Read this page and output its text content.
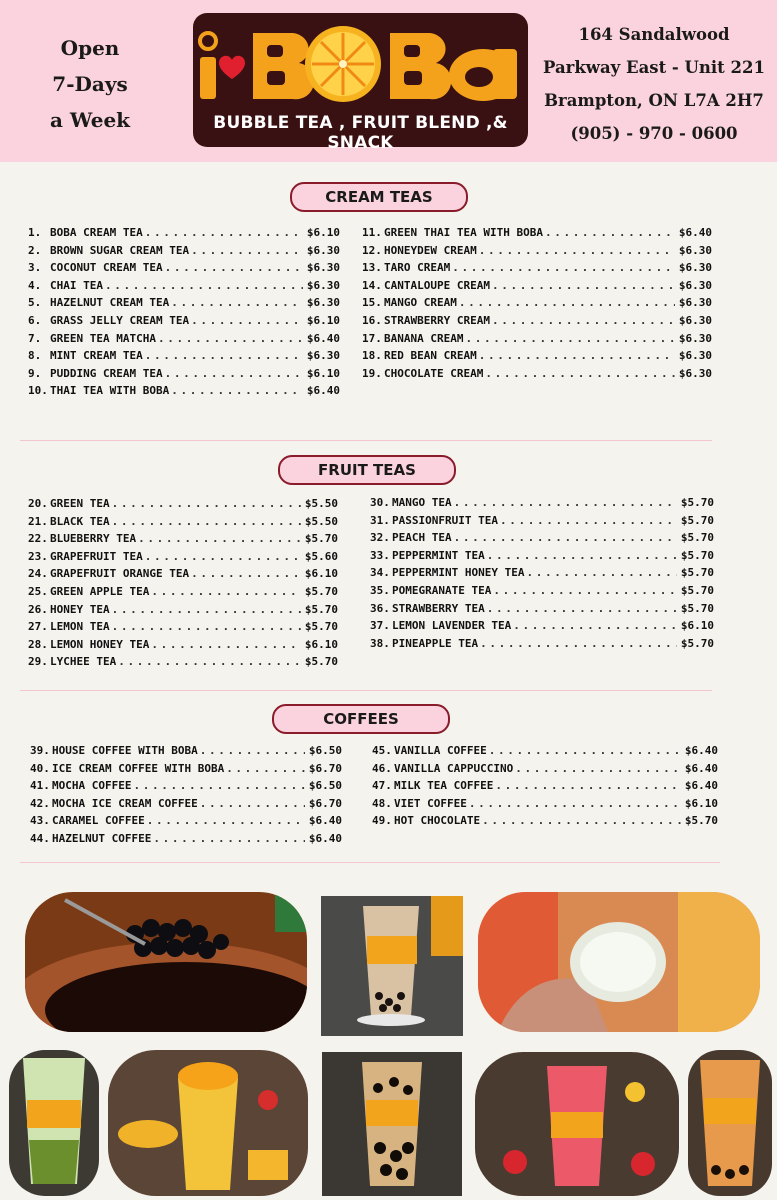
Open
7-Days
a Week	BUBBLE TEA , FRUIT BLEND ,& SNACK
164 Sandalwood
Parkway East - Unit 221
Brampton, ON L7A 2H7
(905) - 970 - 0600
CREAM TEAS
1. BOBA CREAM TEA . . .	$6.10
2. BROWN SUGAR CREAM TEA . . .	$6.30
3. COCONUT CREAM TEA . . .	$6.30
4. CHAI TEA . . .	$6.30
5. HAZELNUT CREAM TEA . . .	$6.30
6. GRASS JELLY CREAM TEA . . .	$6.10
7. GREEN TEA MATCHA . . .	$6.40
8. MINT CREAM TEA . . .	$6.30
9. PUDDING CREAM TEA . . .	$6.10
10. THAI TEA WITH BOBA . . .	$6.40
11. GREEN THAI TEA WITH BOBA . . .	$6.40
12. HONEYDEW CREAM . . .	$6.30
13. TARO CREAM . . .	$6.30
14. CANTALOUPE CREAM . . .	$6.30
15. MANGO CREAM . . .	$6.30
16. STRAWBERRY CREAM . . .	$6.30
17. BANANA CREAM . . .	$6.30
18. RED BEAN CREAM . . .	$6.30
19. CHOCOLATE CREAM . . .	$6.30
FRUIT TEAS
20. GREEN TEA . . .	$5.50
21. BLACK TEA . . .	$5.50
22. BLUEBERRY TEA . . .	$5.70
23. GRAPEFRUIT TEA . . .	$5.60
24. GRAPEFRUIT ORANGE TEA . . .	$6.10
25. GREEN APPLE TEA . . .	$5.70
26. HONEY TEA . . .	$5.70
27. LEMON TEA . . .	$5.70
28. LEMON HONEY TEA . . .	$6.10
29. LYCHEE TEA . . .	$5.70
30. MANGO TEA . . .	$5.70
31. PASSIONFRUIT TEA . . .	$5.70
32. PEACH TEA . . .	$5.70
33. PEPPERMINT TEA . . .	$5.70
34. PEPPERMINT HONEY TEA . . .	$5.70
35. POMEGRANATE TEA . . .	$5.70
36. STRAWBERRY TEA . . .	$5.70
37. LEMON LAVENDER TEA . . .	$6.10
38. PINEAPPLE TEA . . .	$5.70
COFFEES
39. HOUSE COFFEE WITH BOBA . . .	$6.50
40. ICE CREAM COFFEE WITH BOBA . . .	$6.70
41. MOCHA COFFEE . . .	$6.50
42. MOCHA ICE CREAM COFFEE . . .	$6.70
43. CARAMEL COFFEE . . .	$6.40
44. HAZELNUT COFFEE . . .	$6.40
45. VANILLA COFFEE . . .	$6.40
46. VANILLA CAPPUCCINO . . .	$6.40
47. MILK TEA COFFEE . . .	$6.40
48. VIET COFFEE . . .	$6.10
49. HOT CHOCOLATE . . .	$5.70
